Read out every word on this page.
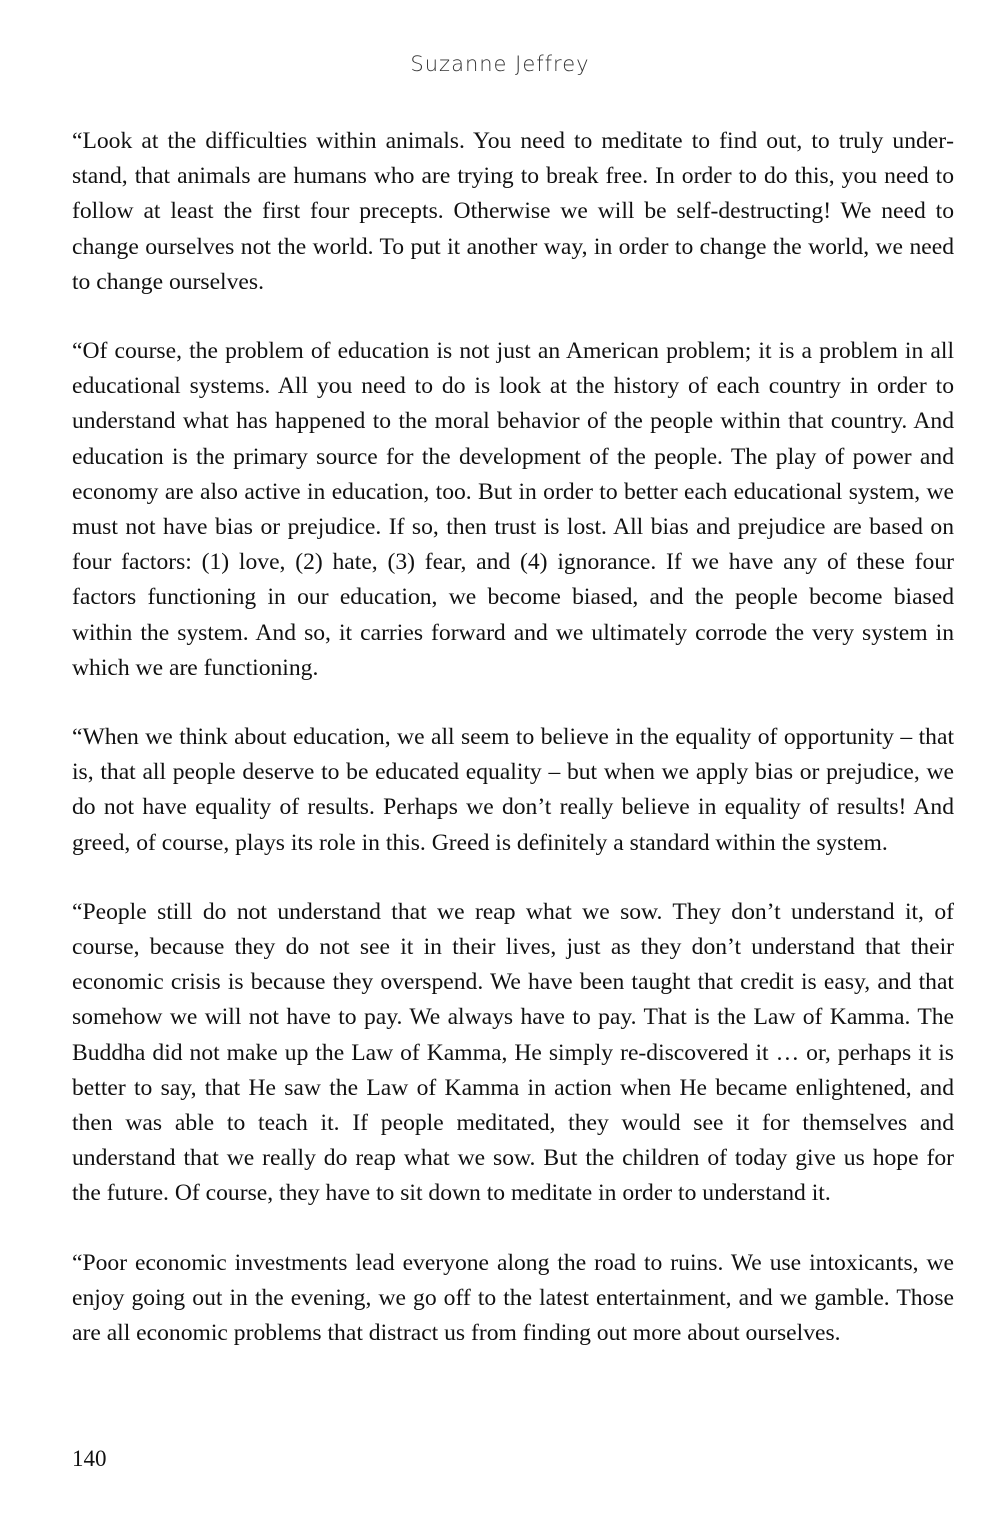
Suzanne Jeffrey

“Look at the difficulties within animals. You need to meditate to find out, to truly understand, that animals are humans who are trying to break free. In order to do this, you need to follow at least the first four precepts. Otherwise we will be self-destructing! We need to change ourselves not the world. To put it another way, in order to change the world, we need to change ourselves.

“Of course, the problem of education is not just an American problem; it is a problem in all educational systems. All you need to do is look at the history of each country in order to understand what has happened to the moral behavior of the people within that country. And education is the primary source for the development of the people. The play of power and economy are also active in education, too. But in order to better each educational system, we must not have bias or prejudice. If so, then trust is lost. All bias and prejudice are based on four factors: (1) love, (2) hate, (3) fear, and (4) ignorance. If we have any of these four factors functioning in our education, we become biased, and the people become biased within the system. And so, it carries forward and we ultimately corrode the very system in which we are functioning.

“When we think about education, we all seem to believe in the equality of opportunity – that is, that all people deserve to be educated equality – but when we apply bias or prejudice, we do not have equality of results. Perhaps we don’t really believe in equality of results! And greed, of course, plays its role in this. Greed is definitely a standard within the system.

“People still do not understand that we reap what we sow. They don’t understand it, of course, because they do not see it in their lives, just as they don’t understand that their economic crisis is because they overspend. We have been taught that credit is easy, and that somehow we will not have to pay. We always have to pay. That is the Law of Kamma. The Buddha did not make up the Law of Kamma, He simply re-discovered it … or, perhaps it is better to say, that He saw the Law of Kamma in action when He became enlightened, and then was able to teach it. If people meditated, they would see it for themselves and understand that we really do reap what we sow. But the children of today give us hope for the future. Of course, they have to sit down to meditate in order to understand it.

“Poor economic investments lead everyone along the road to ruins. We use intoxicants, we enjoy going out in the evening, we go off to the latest entertainment, and we gamble. Those are all economic problems that distract us from finding out more about ourselves.

140
